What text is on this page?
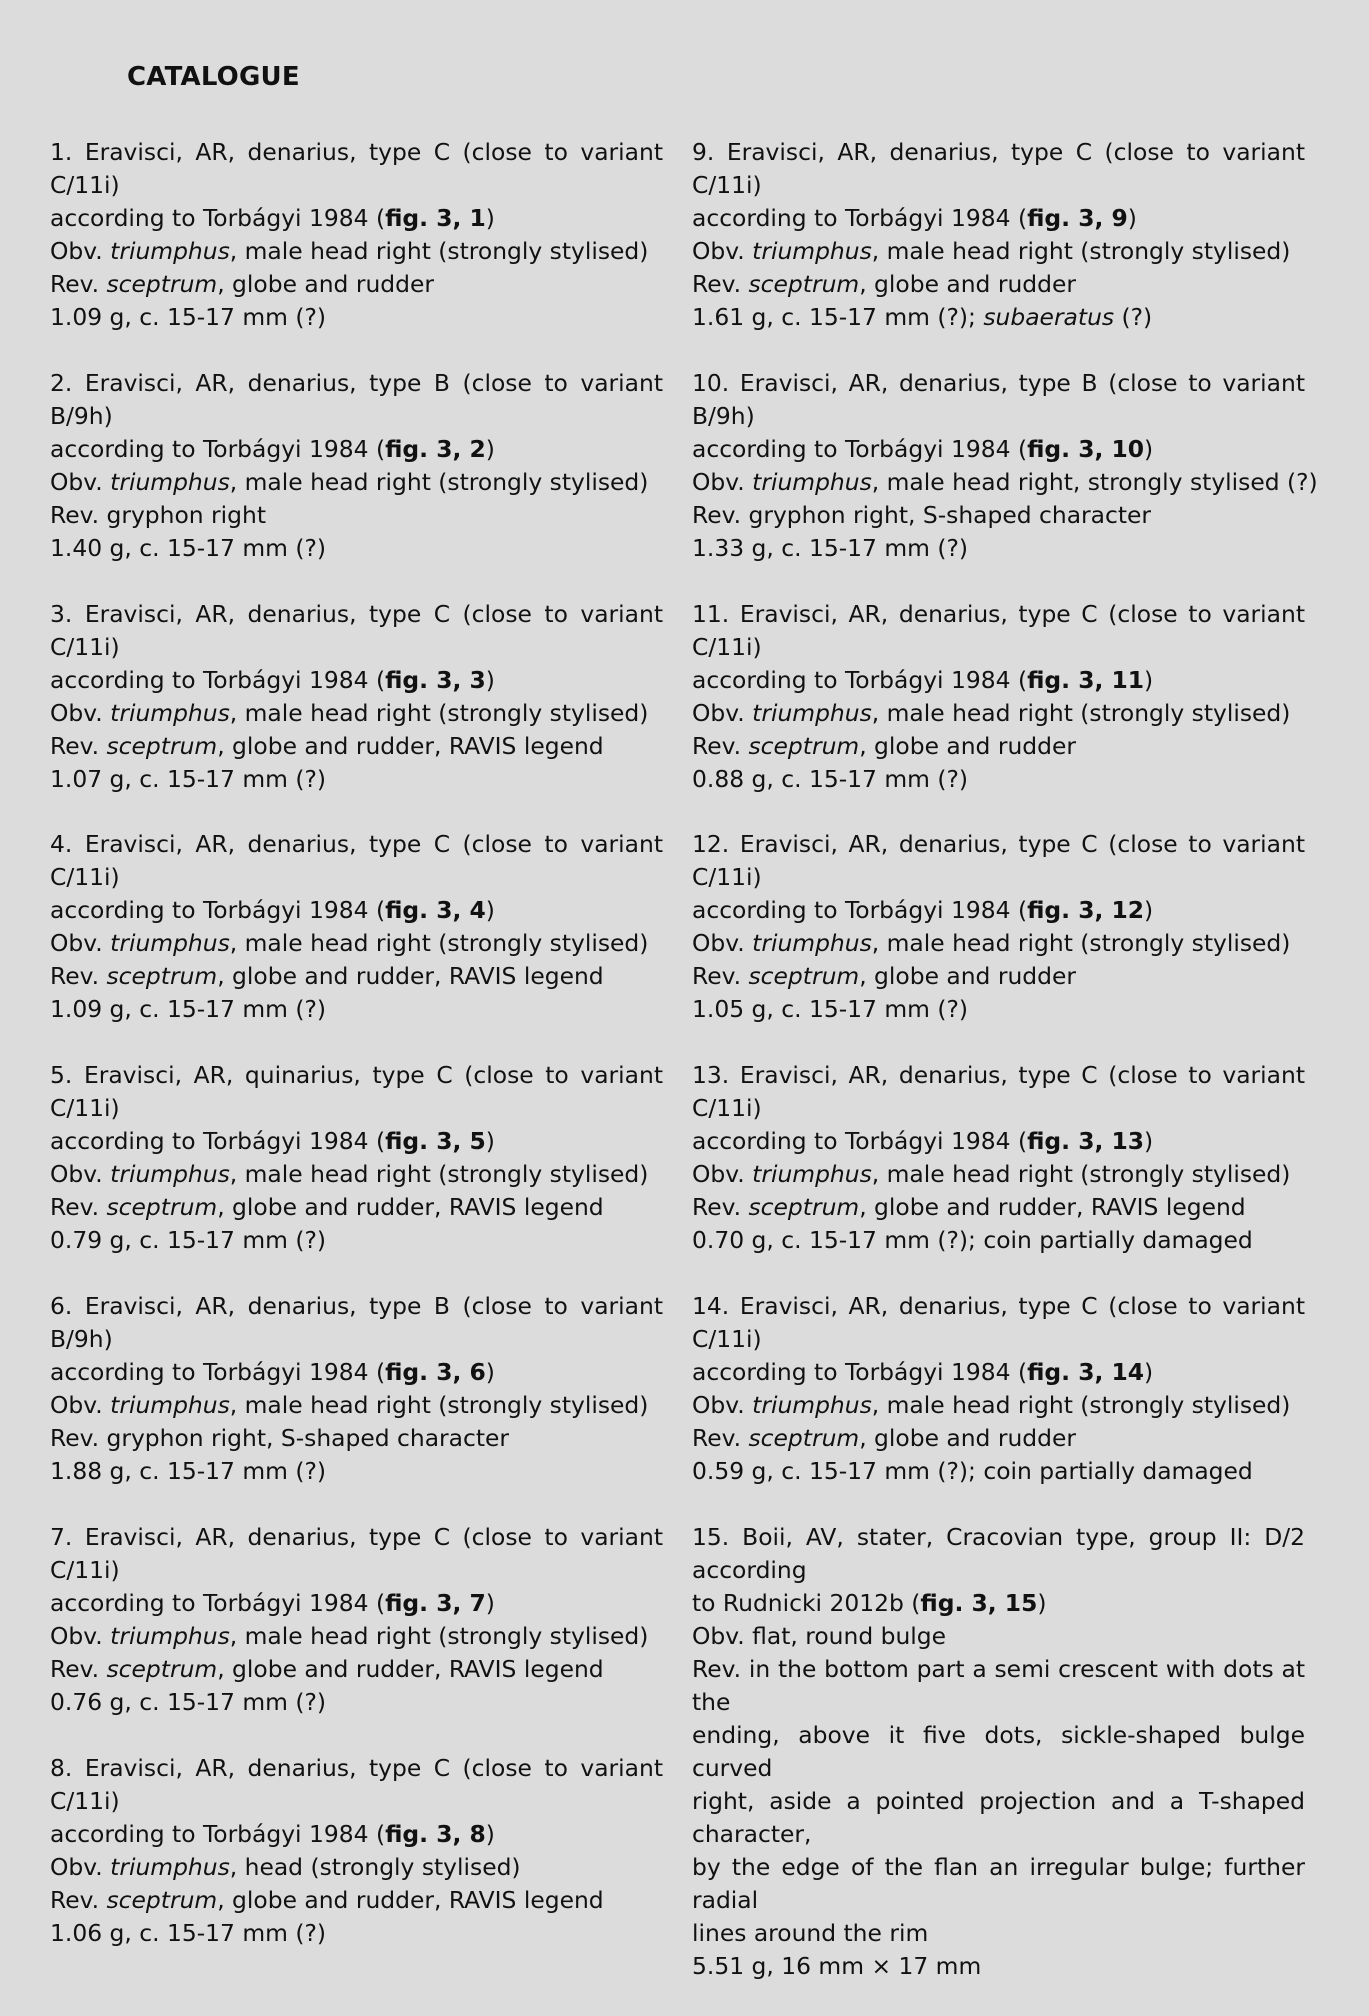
CATALOGUE
1. Eravisci, AR, denarius, type C (close to variant C/11i)
according to Torbágyi 1984 (fig. 3, 1)
Obv. triumphus, male head right (strongly stylised)
Rev. sceptrum, globe and rudder
1.09 g, c. 15-17 mm (?)
2. Eravisci, AR, denarius, type B (close to variant B/9h)
according to Torbágyi 1984 (fig. 3, 2)
Obv. triumphus, male head right (strongly stylised)
Rev. gryphon right
1.40 g, c. 15-17 mm (?)
3. Eravisci, AR, denarius, type C (close to variant C/11i)
according to Torbágyi 1984 (fig. 3, 3)
Obv. triumphus, male head right (strongly stylised)
Rev. sceptrum, globe and rudder, RAVIS legend
1.07 g, c. 15-17 mm (?)
4. Eravisci, AR, denarius, type C (close to variant C/11i)
according to Torbágyi 1984 (fig. 3, 4)
Obv. triumphus, male head right (strongly stylised)
Rev. sceptrum, globe and rudder, RAVIS legend
1.09 g, c. 15-17 mm (?)
5. Eravisci, AR, quinarius, type C (close to variant C/11i)
according to Torbágyi 1984 (fig. 3, 5)
Obv. triumphus, male head right (strongly stylised)
Rev. sceptrum, globe and rudder, RAVIS legend
0.79 g, c. 15-17 mm (?)
6. Eravisci, AR, denarius, type B (close to variant B/9h)
according to Torbágyi 1984 (fig. 3, 6)
Obv. triumphus, male head right (strongly stylised)
Rev. gryphon right, S-shaped character
1.88 g, c. 15-17 mm (?)
7. Eravisci, AR, denarius, type C (close to variant C/11i)
according to Torbágyi 1984 (fig. 3, 7)
Obv. triumphus, male head right (strongly stylised)
Rev. sceptrum, globe and rudder, RAVIS legend
0.76 g, c. 15-17 mm (?)
8. Eravisci, AR, denarius, type C (close to variant C/11i)
according to Torbágyi 1984 (fig. 3, 8)
Obv. triumphus, head (strongly stylised)
Rev. sceptrum, globe and rudder, RAVIS legend
1.06 g, c. 15-17 mm (?)
9. Eravisci, AR, denarius, type C (close to variant C/11i)
according to Torbágyi 1984 (fig. 3, 9)
Obv. triumphus, male head right (strongly stylised)
Rev. sceptrum, globe and rudder
1.61 g, c. 15-17 mm (?); subaeratus (?)
10. Eravisci, AR, denarius, type B (close to variant B/9h)
according to Torbágyi 1984 (fig. 3, 10)
Obv. triumphus, male head right, strongly stylised (?)
Rev. gryphon right, S-shaped character
1.33 g, c. 15-17 mm (?)
11. Eravisci, AR, denarius, type C (close to variant C/11i)
according to Torbágyi 1984 (fig. 3, 11)
Obv. triumphus, male head right (strongly stylised)
Rev. sceptrum, globe and rudder
0.88 g, c. 15-17 mm (?)
12. Eravisci, AR, denarius, type C (close to variant C/11i)
according to Torbágyi 1984 (fig. 3, 12)
Obv. triumphus, male head right (strongly stylised)
Rev. sceptrum, globe and rudder
1.05 g, c. 15-17 mm (?)
13. Eravisci, AR, denarius, type C (close to variant C/11i)
according to Torbágyi 1984 (fig. 3, 13)
Obv. triumphus, male head right (strongly stylised)
Rev. sceptrum, globe and rudder, RAVIS legend
0.70 g, c. 15-17 mm (?); coin partially damaged
14. Eravisci, AR, denarius, type C (close to variant C/11i)
according to Torbágyi 1984 (fig. 3, 14)
Obv. triumphus, male head right (strongly stylised)
Rev. sceptrum, globe and rudder
0.59 g, c. 15-17 mm (?); coin partially damaged
15. Boii, AV, stater, Cracovian type, group II: D/2 according
to Rudnicki 2012b (fig. 3, 15)
Obv. flat, round bulge
Rev. in the bottom part a semi crescent with dots at the
ending, above it five dots, sickle-shaped bulge curved
right, aside a pointed projection and a T-shaped character,
by the edge of the flan an irregular bulge; further radial
lines around the rim
5.51 g, 16 mm × 17 mm
